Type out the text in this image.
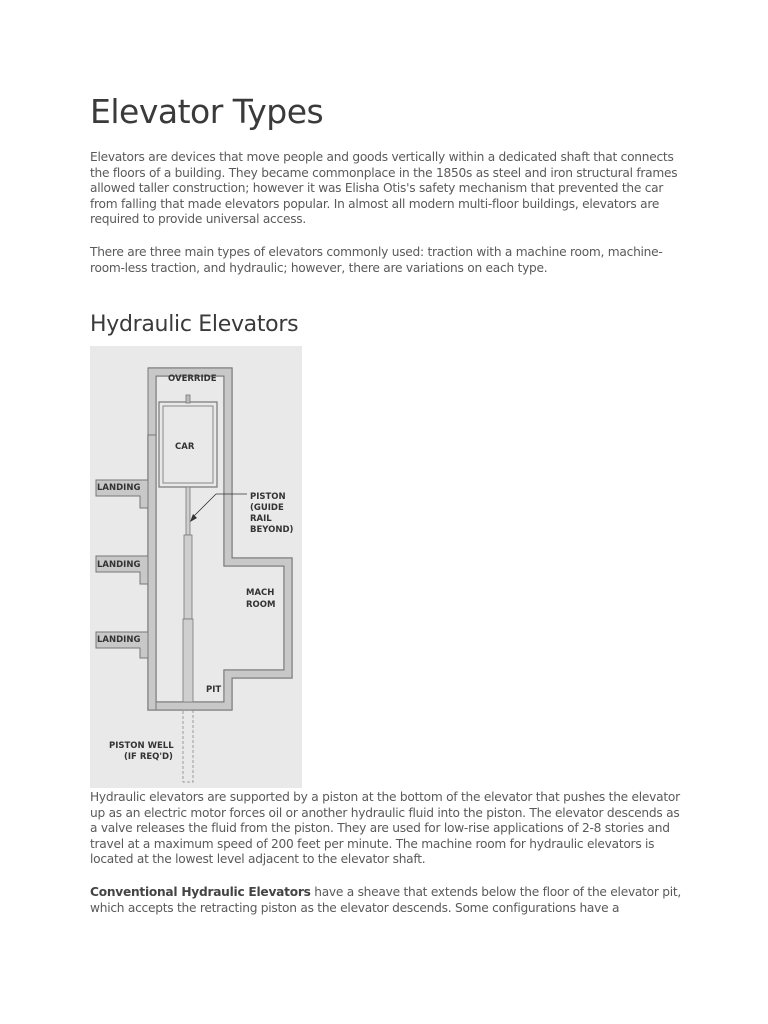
Elevator Types

Elevators are devices that move people and goods vertically within a dedicated shaft that connects the floors of a building. They became commonplace in the 1850s as steel and iron structural frames allowed taller construction; however it was Elisha Otis's safety mechanism that prevented the car from falling that made elevators popular. In almost all modern multi-floor buildings, elevators are required to provide universal access.

There are three main types of elevators commonly used: traction with a machine room, machine-room-less traction, and hydraulic; however, there are variations on each type.

Hydraulic Elevators
OVERRIDE
CAR
LANDING
LANDING
LANDING
PISTON
(GUIDE
RAIL
BEYOND)
MACH
ROOM
PIT
PISTON WELL
(IF REQ'D)

Hydraulic elevators are supported by a piston at the bottom of the elevator that pushes the elevator up as an electric motor forces oil or another hydraulic fluid into the piston. The elevator descends as a valve releases the fluid from the piston. They are used for low-rise applications of 2-8 stories and travel at a maximum speed of 200 feet per minute. The machine room for hydraulic elevators is located at the lowest level adjacent to the elevator shaft.

Conventional Hydraulic Elevators have a sheave that extends below the floor of the elevator pit, which accepts the retracting piston as the elevator descends. Some configurations have a
